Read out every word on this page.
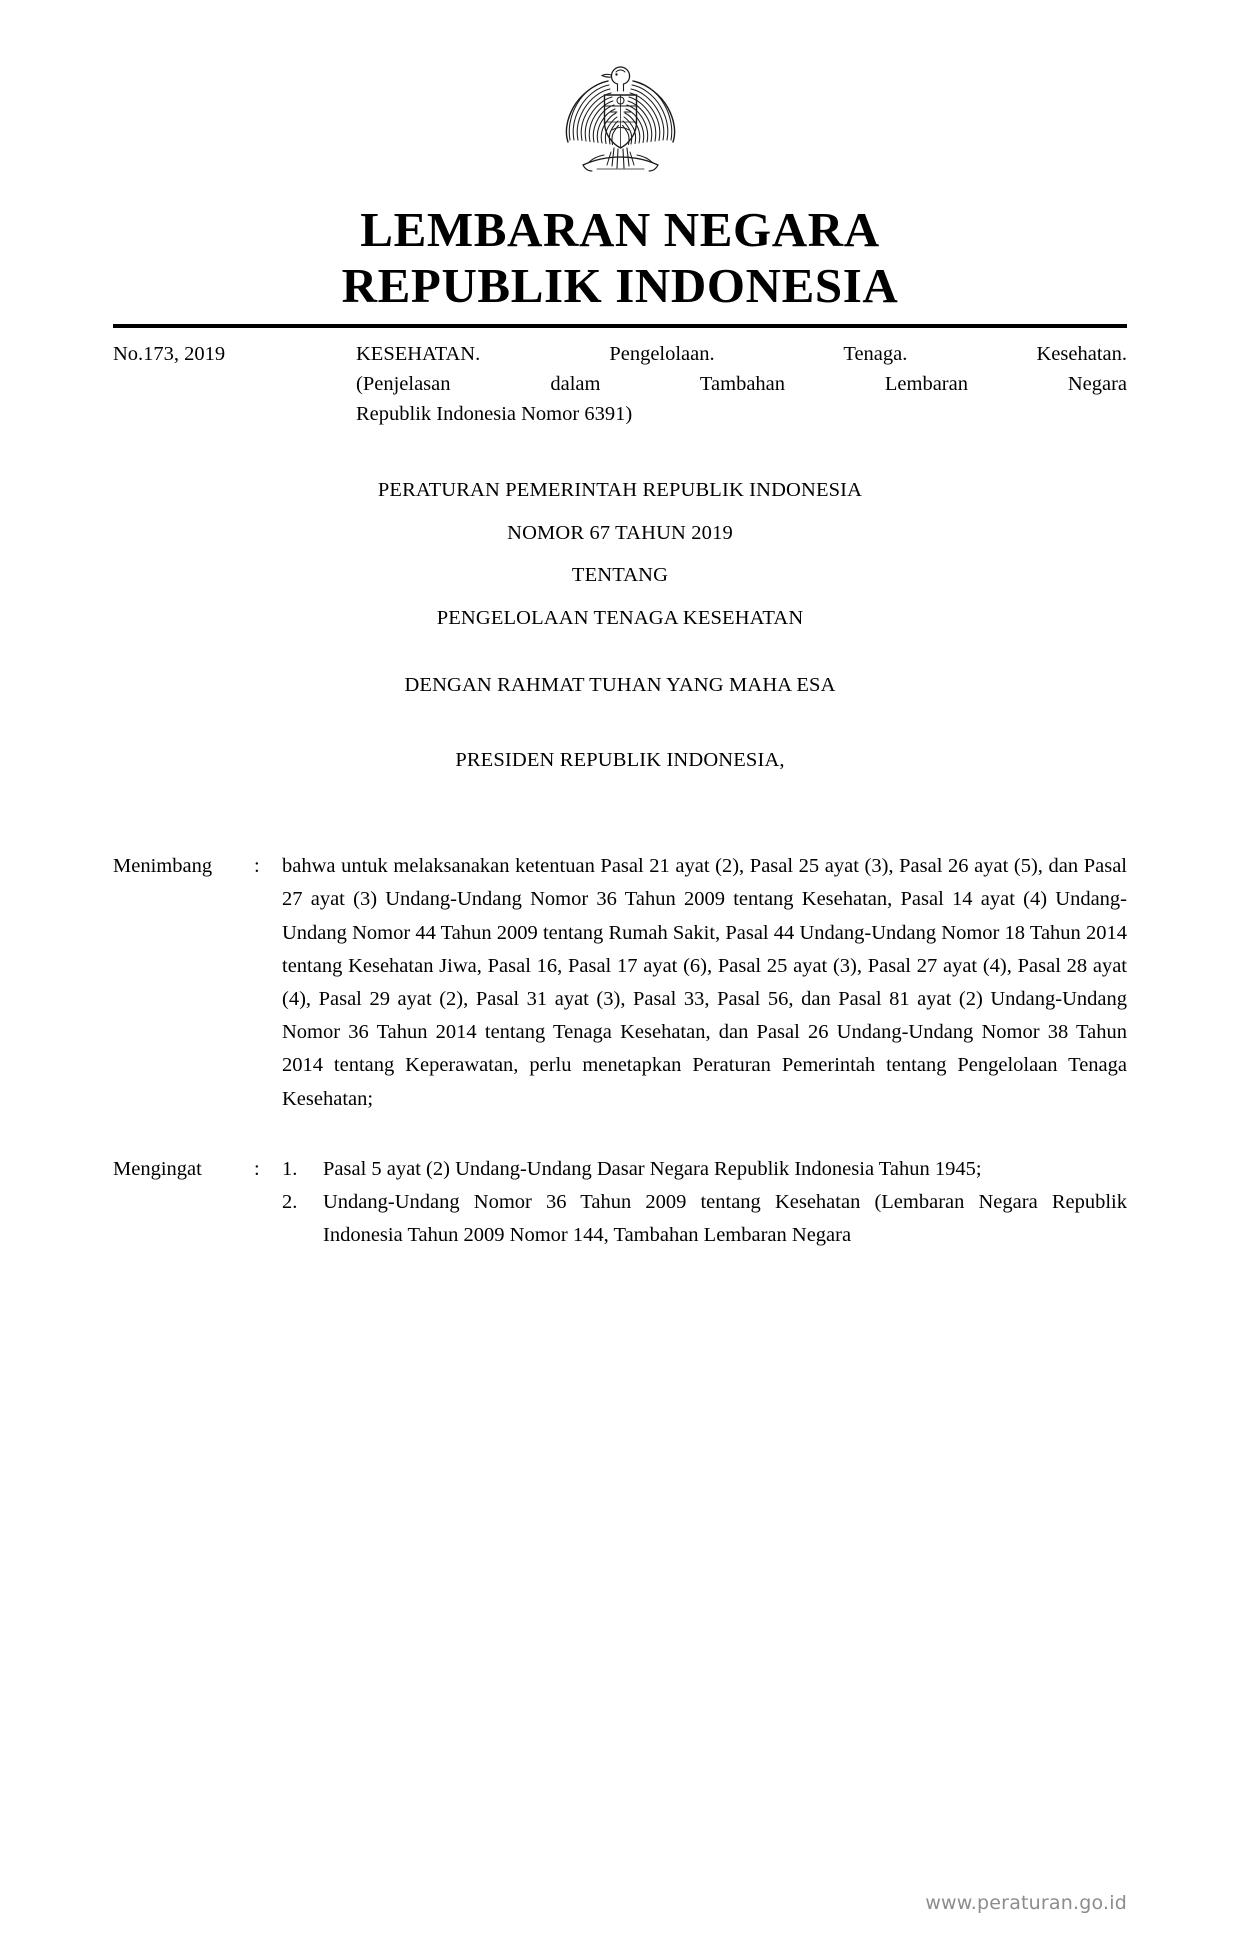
LEMBARAN NEGARA
REPUBLIK INDONESIA
No.173, 2019	KESEHATAN. Pengelolaan. Tenaga. Kesehatan.
(Penjelasan dalam Tambahan Lembaran Negara
Republik Indonesia Nomor 6391)
PERATURAN PEMERINTAH REPUBLIK INDONESIA
NOMOR 67 TAHUN 2019
TENTANG
PENGELOLAAN TENAGA KESEHATAN
DENGAN RAHMAT TUHAN YANG MAHA ESA
PRESIDEN REPUBLIK INDONESIA,
Menimbang	:	bahwa untuk melaksanakan ketentuan Pasal 21 ayat (2), Pasal 25 ayat (3), Pasal 26 ayat (5), dan Pasal 27 ayat (3) Undang-Undang Nomor 36 Tahun 2009 tentang Kesehatan, Pasal 14 ayat (4) Undang-Undang Nomor 44 Tahun 2009 tentang Rumah Sakit, Pasal 44 Undang-Undang Nomor 18 Tahun 2014 tentang Kesehatan Jiwa, Pasal 16, Pasal 17 ayat (6), Pasal 25 ayat (3), Pasal 27 ayat (4), Pasal 28 ayat (4), Pasal 29 ayat (2), Pasal 31 ayat (3), Pasal 33, Pasal 56, dan Pasal 81 ayat (2) Undang-Undang Nomor 36 Tahun 2014 tentang Tenaga Kesehatan, dan Pasal 26 Undang-Undang Nomor 38 Tahun 2014 tentang Keperawatan, perlu menetapkan Peraturan Pemerintah tentang Pengelolaan Tenaga Kesehatan;

Mengingat	:	1.	Pasal 5 ayat (2) Undang-Undang Dasar Negara Republik Indonesia Tahun 1945;
2.	Undang-Undang Nomor 36 Tahun 2009 tentang Kesehatan (Lembaran Negara Republik Indonesia Tahun 2009 Nomor 144, Tambahan Lembaran Negara
www.peraturan.go.id
